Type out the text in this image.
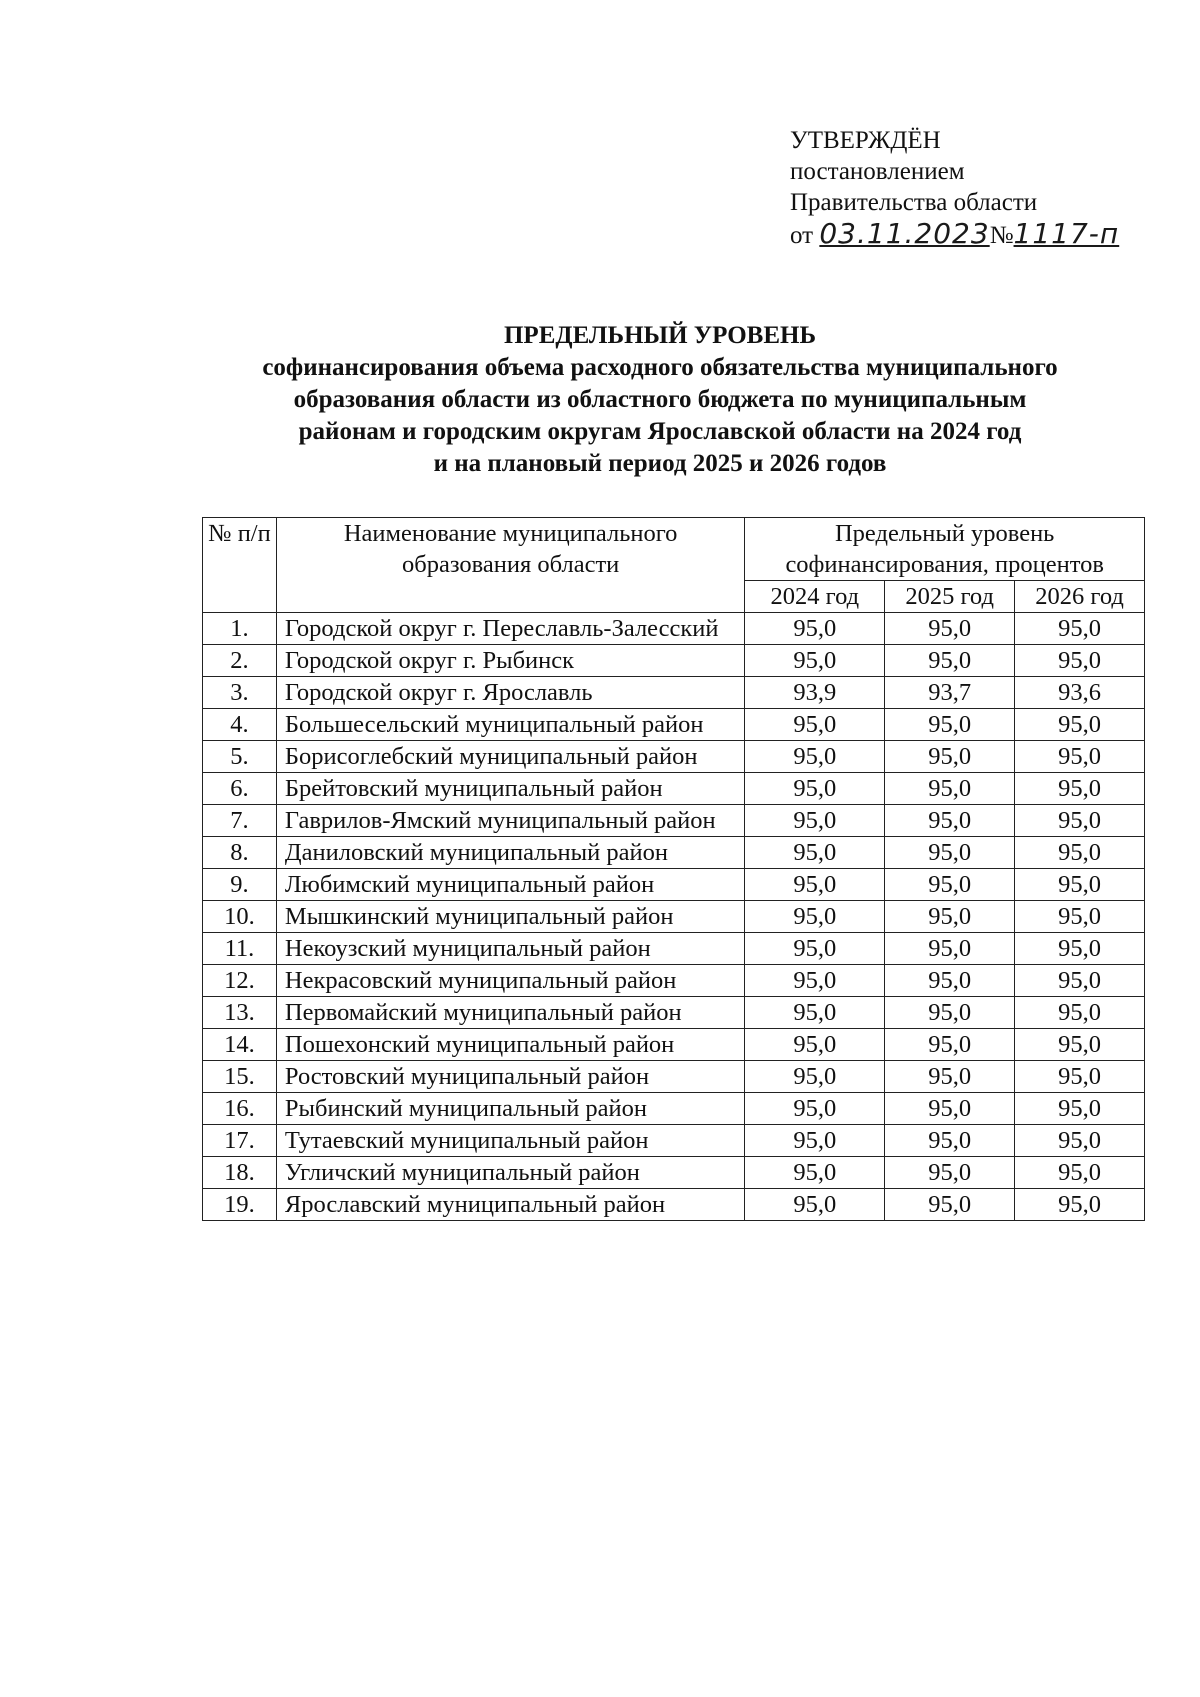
УТВЕРЖДЁН
постановлением
Правительства области
от 03.11.2023№1117-п
ПРЕДЕЛЬНЫЙ УРОВЕНЬ
софинансирования объема расходного обязательства муниципального
образования области из областного бюджета по муниципальным
районам и городским округам Ярославской области на 2024 год
и на плановый период 2025 и 2026 годов
№ п/п	Наименование муниципального образования области	Предельный уровень софинансирования, процентов		
		2024 год	2025 год	2026 год
1.	Городской округ г. Переславль-Залесский	95,0	95,0	95,0
2.	Городской округ г. Рыбинск	95,0	95,0	95,0
3.	Городской округ г. Ярославль	93,9	93,7	93,6
4.	Большесельский муниципальный район	95,0	95,0	95,0
5.	Борисоглебский муниципальный район	95,0	95,0	95,0
6.	Брейтовский муниципальный район	95,0	95,0	95,0
7.	Гаврилов-Ямский муниципальный район	95,0	95,0	95,0
8.	Даниловский муниципальный район	95,0	95,0	95,0
9.	Любимский муниципальный район	95,0	95,0	95,0
10.	Мышкинский муниципальный район	95,0	95,0	95,0
11.	Некоузский муниципальный район	95,0	95,0	95,0
12.	Некрасовский муниципальный район	95,0	95,0	95,0
13.	Первомайский муниципальный район	95,0	95,0	95,0
14.	Пошехонский муниципальный район	95,0	95,0	95,0
15.	Ростовский муниципальный район	95,0	95,0	95,0
16.	Рыбинский муниципальный район	95,0	95,0	95,0
17.	Тутаевский муниципальный район	95,0	95,0	95,0
18.	Угличский муниципальный район	95,0	95,0	95,0
19.	Ярославский муниципальный район	95,0	95,0	95,0
